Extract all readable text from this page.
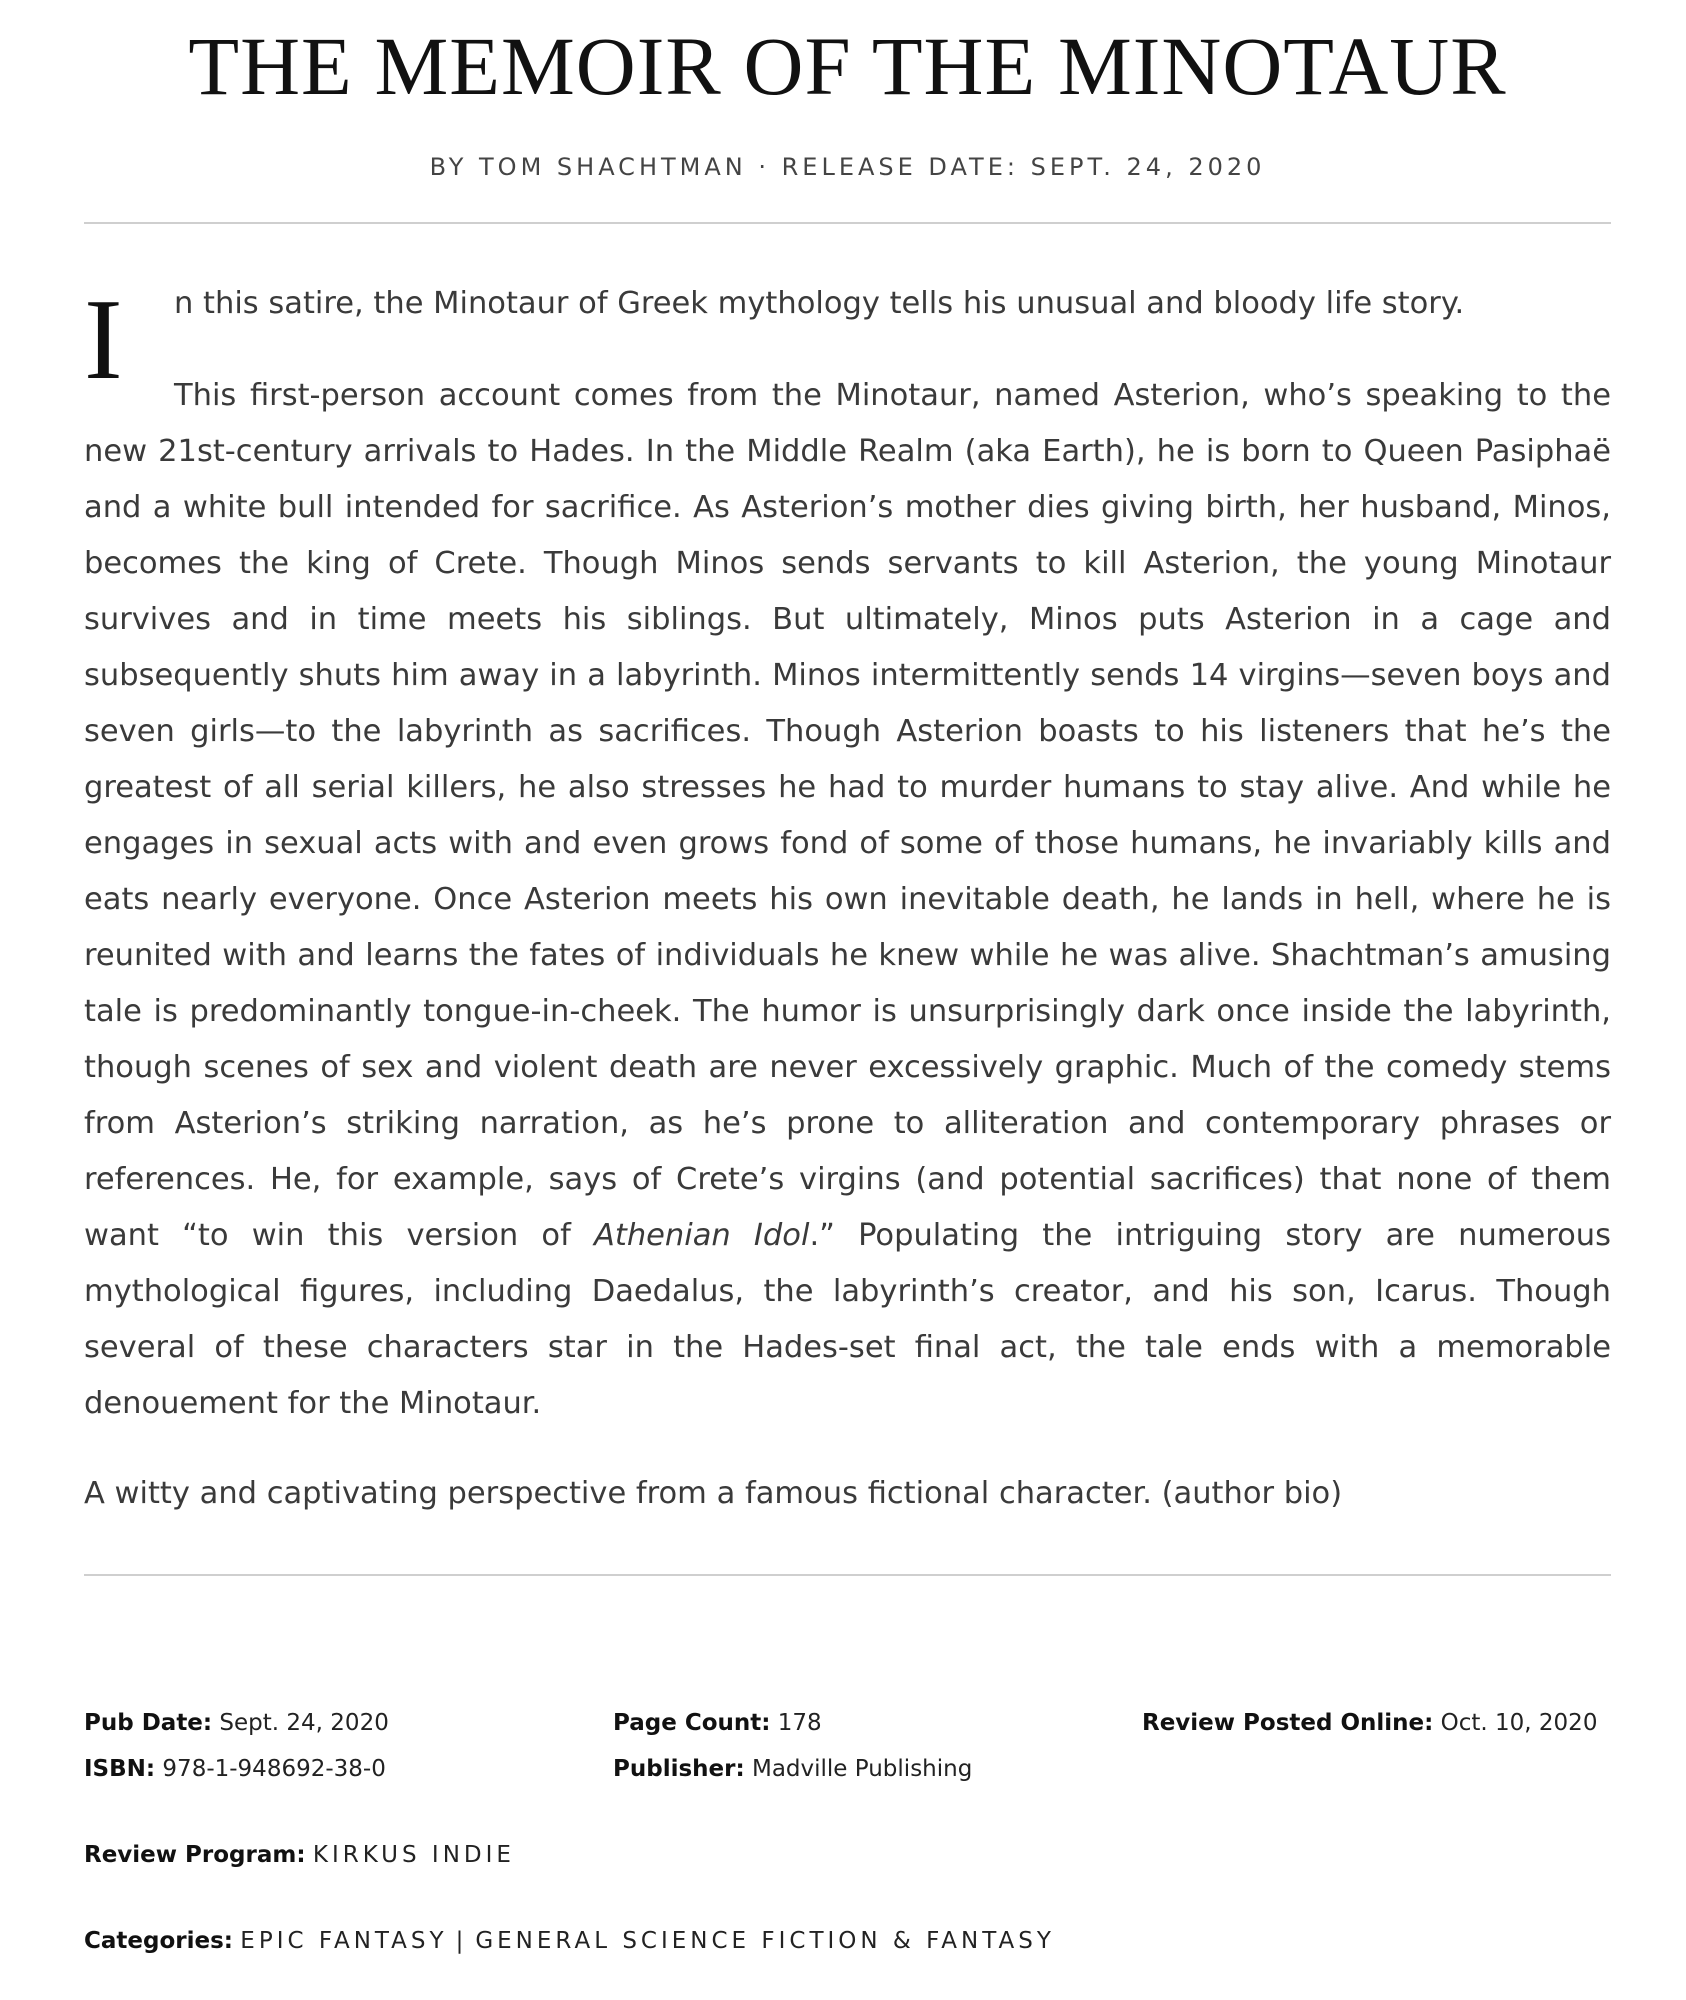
THE MEMOIR OF THE MINOTAUR
BY TOM SHACHTMAN · RELEASE DATE: SEPT. 24, 2020

I n this satire, the Minotaur of Greek mythology tells his unusual and bloody life story.

This first-person account comes from the Minotaur, named Asterion, who’s speaking to the new 21st-century arrivals to Hades. In the Middle Realm (aka Earth), he is born to Queen Pasiphaë and a white bull intended for sacrifice. As Asterion’s mother dies giving birth, her husband, Minos, becomes the king of Crete. Though Minos sends servants to kill Asterion, the young Minotaur survives and in time meets his siblings. But ultimately, Minos puts Asterion in a cage and subsequently shuts him away in a labyrinth. Minos intermittently sends 14 virgins—seven boys and seven girls—to the labyrinth as sacrifices. Though Asterion boasts to his listeners that he’s the greatest of all serial killers, he also stresses he had to murder humans to stay alive. And while he engages in sexual acts with and even grows fond of some of those humans, he invariably kills and eats nearly everyone. Once Asterion meets his own inevitable death, he lands in hell, where he is reunited with and learns the fates of individuals he knew while he was alive. Shachtman’s amusing tale is predominantly tongue-in-cheek. The humor is unsurprisingly dark once inside the labyrinth, though scenes of sex and violent death are never excessively graphic. Much of the comedy stems from Asterion’s striking narration, as he’s prone to alliteration and contemporary phrases or references. He, for example, says of Crete’s virgins (and potential sacrifices) that none of them want “to win this version of Athenian Idol.” Populating the intriguing story are numerous mythological figures, including Daedalus, the labyrinth’s creator, and his son, Icarus. Though several of these characters star in the Hades-set final act, the tale ends with a memorable denouement for the Minotaur.

A witty and captivating perspective from a famous fictional character. (author bio)

Pub Date: Sept. 24, 2020
ISBN: 978-1-948692-38-0
Page Count: 178
Publisher: Madville Publishing
Review Posted Online: Oct. 10, 2020
Review Program: KIRKUS INDIE
Categories: EPIC FANTASY | GENERAL SCIENCE FICTION & FANTASY
